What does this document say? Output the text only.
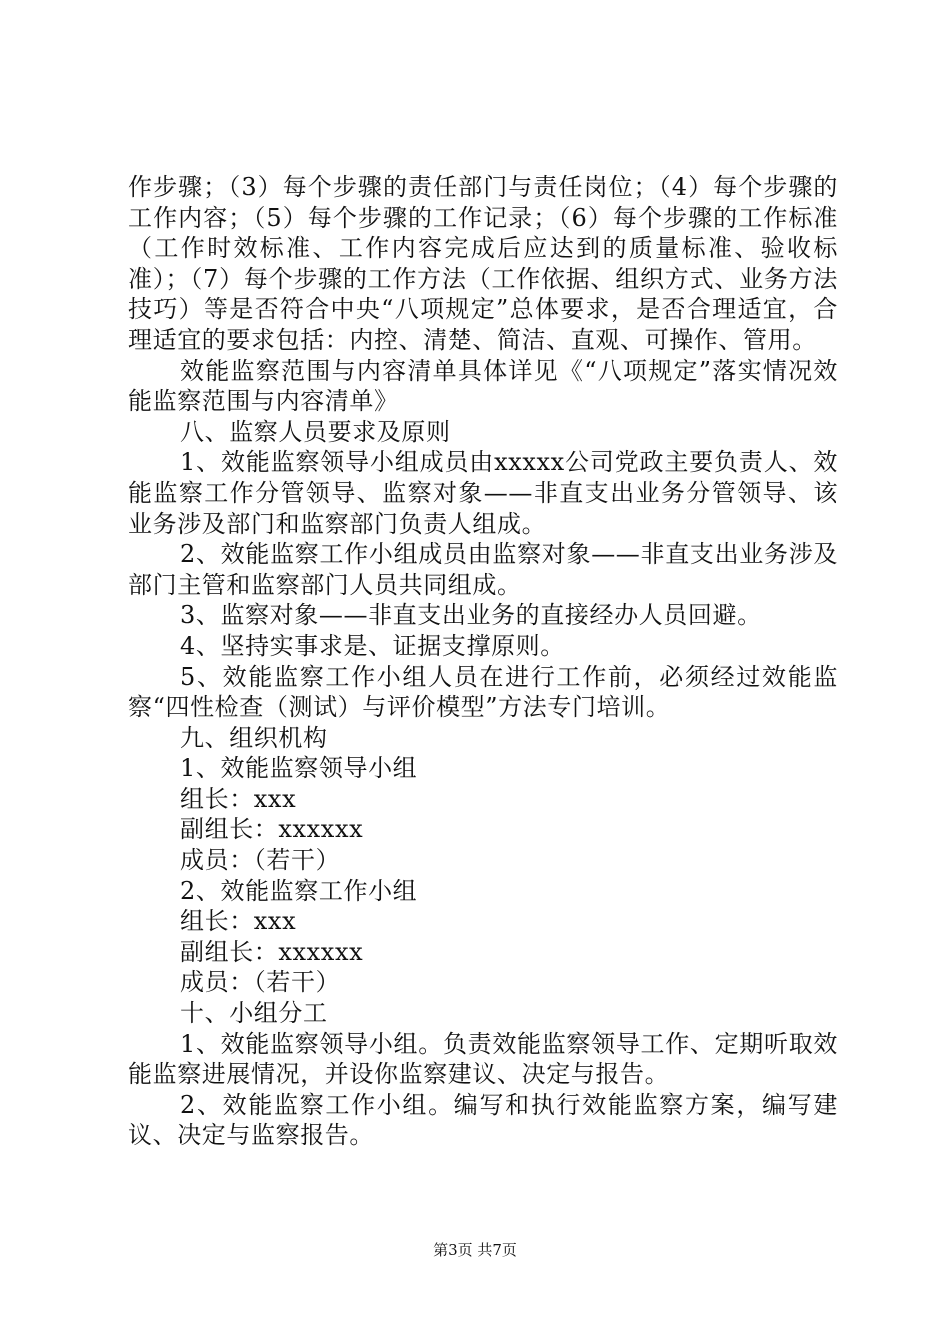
作步骤；（3）每个步骤的责任部门与责任岗位；（4）每个步骤的工作内容；（5）每个步骤的工作记录；（6）每个步骤的工作标准（工作时效标准、工作内容完成后应达到的质量标准、验收标准）；（7）每个步骤的工作方法（工作依据、组织方式、业务方法技巧）等是否符合中央“八项规定”总体要求，是否合理适宜，合理适宜的要求包括：内控、清楚、简洁、直观、可操作、管用。

效能监察范围与内容清单具体详见《“八项规定”落实情况效能监察范围与内容清单》

八、监察人员要求及原则

1、效能监察领导小组成员由xxxxx公司党政主要负责人、效能监察工作分管领导、监察对象——非直支出业务分管领导、该业务涉及部门和监察部门负责人组成。

2、效能监察工作小组成员由监察对象——非直支出业务涉及部门主管和监察部门人员共同组成。

3、监察对象——非直支出业务的直接经办人员回避。

4、坚持实事求是、证据支撑原则。

5、效能监察工作小组人员在进行工作前，必须经过效能监察“四性检查（测试）与评价模型”方法专门培训。

九、组织机构

1、效能监察领导小组

组长：xxx

副组长：xxxxxx

成员：（若干）

2、效能监察工作小组

组长：xxx

副组长：xxxxxx

成员：（若干）

十、小组分工

1、效能监察领导小组。负责效能监察领导工作、定期听取效能监察进展情况，并设你监察建议、决定与报告。

2、效能监察工作小组。编写和执行效能监察方案，编写建议、决定与监察报告。

第3页 共7页
